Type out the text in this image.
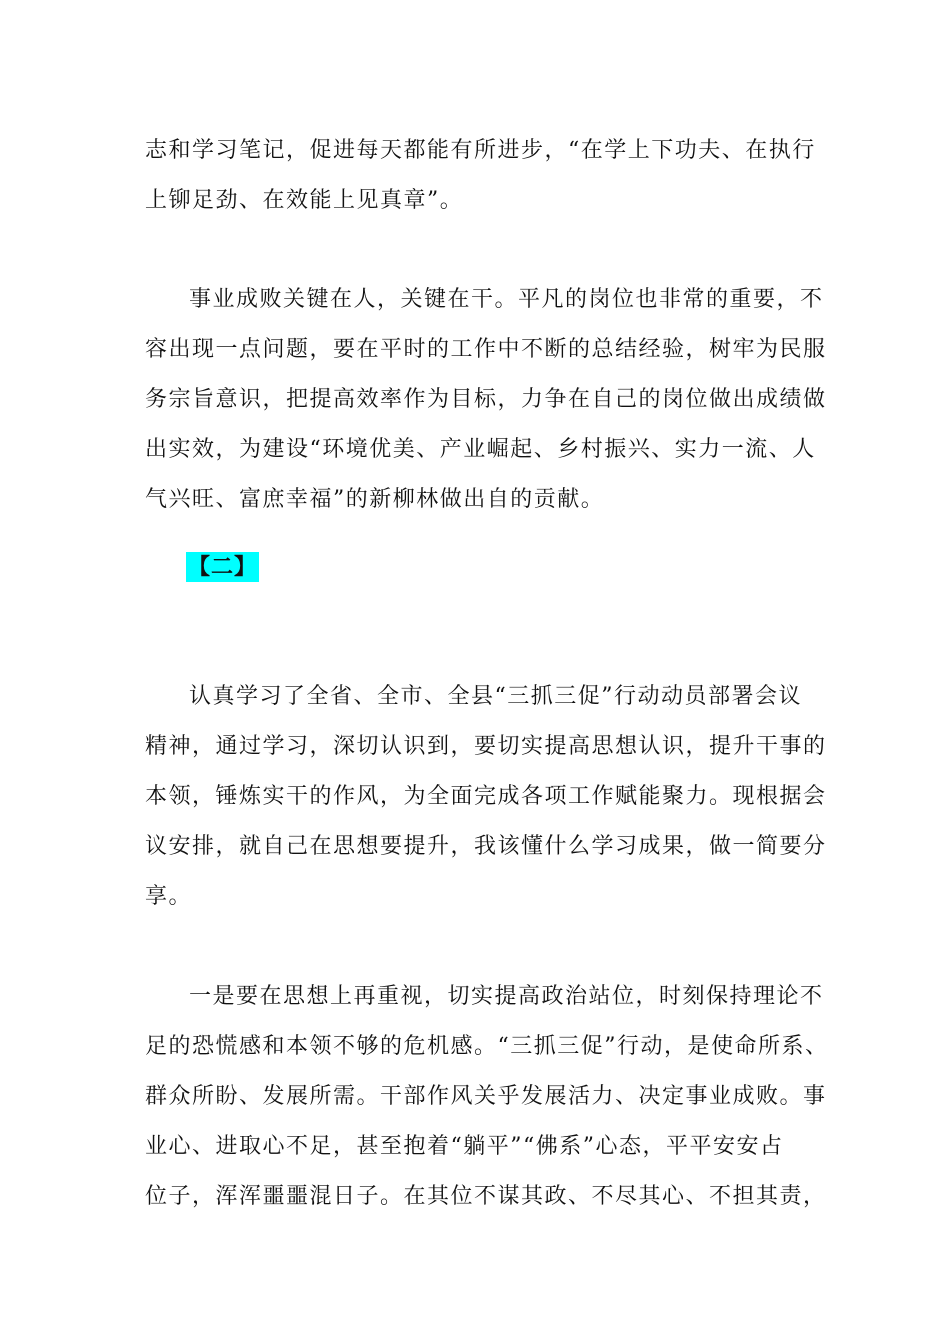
志和学习笔记，促进每天都能有所进步，“在学上下功夫、在执行
上铆足劲、在效能上见真章”。
事业成败关键在人，关键在干。平凡的岗位也非常的重要，不
容出现一点问题，要在平时的工作中不断的总结经验，树牢为民服
务宗旨意识，把提高效率作为目标，力争在自己的岗位做出成绩做
出实效，为建设“环境优美、产业崛起、乡村振兴、实力一流、人
气兴旺、富庶幸福”的新柳林做出自的贡献。
【二】
认真学习了全省、全市、全县“三抓三促”行动动员部署会议
精神，通过学习，深切认识到，要切实提高思想认识，提升干事的
本领，锤炼实干的作风，为全面完成各项工作赋能聚力。现根据会
议安排，就自己在思想要提升，我该懂什么学习成果，做一简要分
享。
一是要在思想上再重视，切实提高政治站位，时刻保持理论不
足的恐慌感和本领不够的危机感。“三抓三促”行动，是使命所系、
群众所盼、发展所需。干部作风关乎发展活力、决定事业成败。事
业心、进取心不足，甚至抱着“躺平”“佛系”心态，平平安安占
位子，浑浑噩噩混日子。在其位不谋其政、不尽其心、不担其责，
